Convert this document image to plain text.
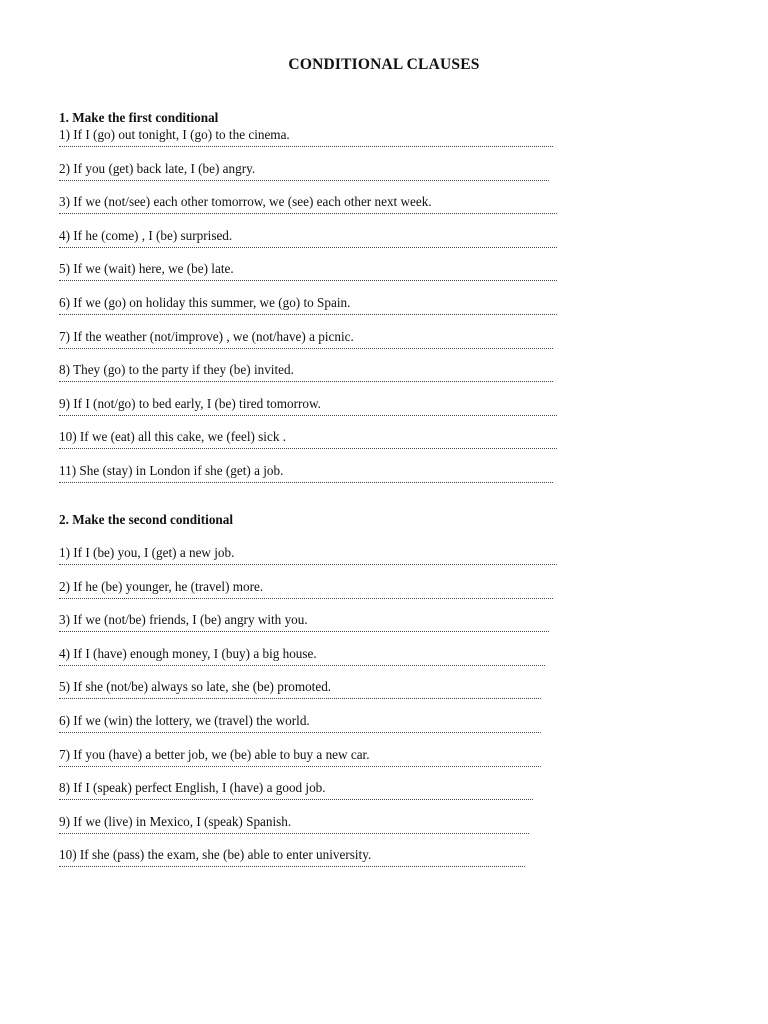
CONDITIONAL CLAUSES

1. Make the first conditional

1) If I (go) out tonight, I (go) to the cinema.
2) If you (get) back late, I (be) angry.
3) If we (not/see) each other tomorrow, we (see) each other next week.
4) If he (come) , I (be) surprised.
5) If we (wait) here, we (be) late.
6) If we (go) on holiday this summer, we (go) to Spain.
7) If the weather (not/improve) , we (not/have) a picnic.
8) They (go) to the party if they (be) invited.
9) If I (not/go) to bed early, I (be) tired tomorrow.
10) If we (eat) all this cake, we (feel) sick .
11) She (stay) in London if she (get) a job.

2. Make the second conditional

1) If I (be) you, I (get) a new job.
2) If he (be) younger, he (travel) more.
3) If we (not/be) friends, I (be) angry with you.
4) If I (have) enough money, I (buy) a big house.
5) If she (not/be) always so late, she (be) promoted.
6) If we (win) the lottery, we (travel) the world.
7) If you (have) a better job, we (be) able to buy a new car.
8) If I (speak) perfect English, I (have) a good job.
9) If we (live) in Mexico, I (speak) Spanish.
10) If she (pass) the exam, she (be) able to enter university.
